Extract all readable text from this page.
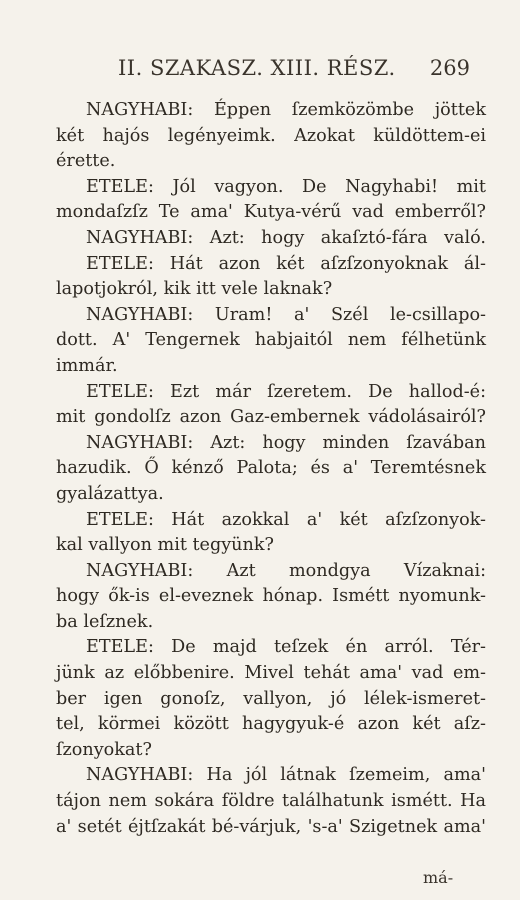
II. SZAKASZ. XIII. RÉSZ. 269
NAGYHABI: Éppen ſzemközömbe jöttek
két hajós legényeimk. Azokat küldöttem-ei
érette.
ETELE: Jól vagyon. De Nagyhabi! mit
mondaſzſz Te ama' Kutya-vérű vad emberről?
NAGYHABI: Azt: hogy akaſztó-fára való.
ETELE: Hát azon két aſzſzonyoknak ál-
lapotjokról, kik itt vele laknak?
NAGYHABI: Uram! a' Szél le-csillapo-
dott. A' Tengernek habjaitól nem félhetünk
immár.
ETELE: Ezt már ſzeretem. De hallod-é:
mit gondolſz azon Gaz-embernek vádolásairól?
NAGYHABI: Azt: hogy minden ſzavában
hazudik. Ő kénző Palota; és a' Teremtésnek
gyalázattya.
ETELE: Hát azokkal a' két aſzſzonyok-
kal vallyon mit tegyünk?
NAGYHABI: Azt mondgya Vízaknai:
hogy ők-is el-eveznek hónap. Ismétt nyomunk-
ba leſznek.
ETELE: De majd teſzek én arról. Tér-
jünk az előbbenire. Mivel tehát ama' vad em-
ber igen gonoſz, vallyon, jó lélek-ismeret-
tel, körmei között hagygyuk-é azon két aſz-
ſzonyokat?
NAGYHABI: Ha jól látnak ſzemeim, ama'
tájon nem sokára földre találhatunk ismétt. Ha
a' setét éjtſzakát bé-várjuk, 's-a' Szigetnek ama'
má-
